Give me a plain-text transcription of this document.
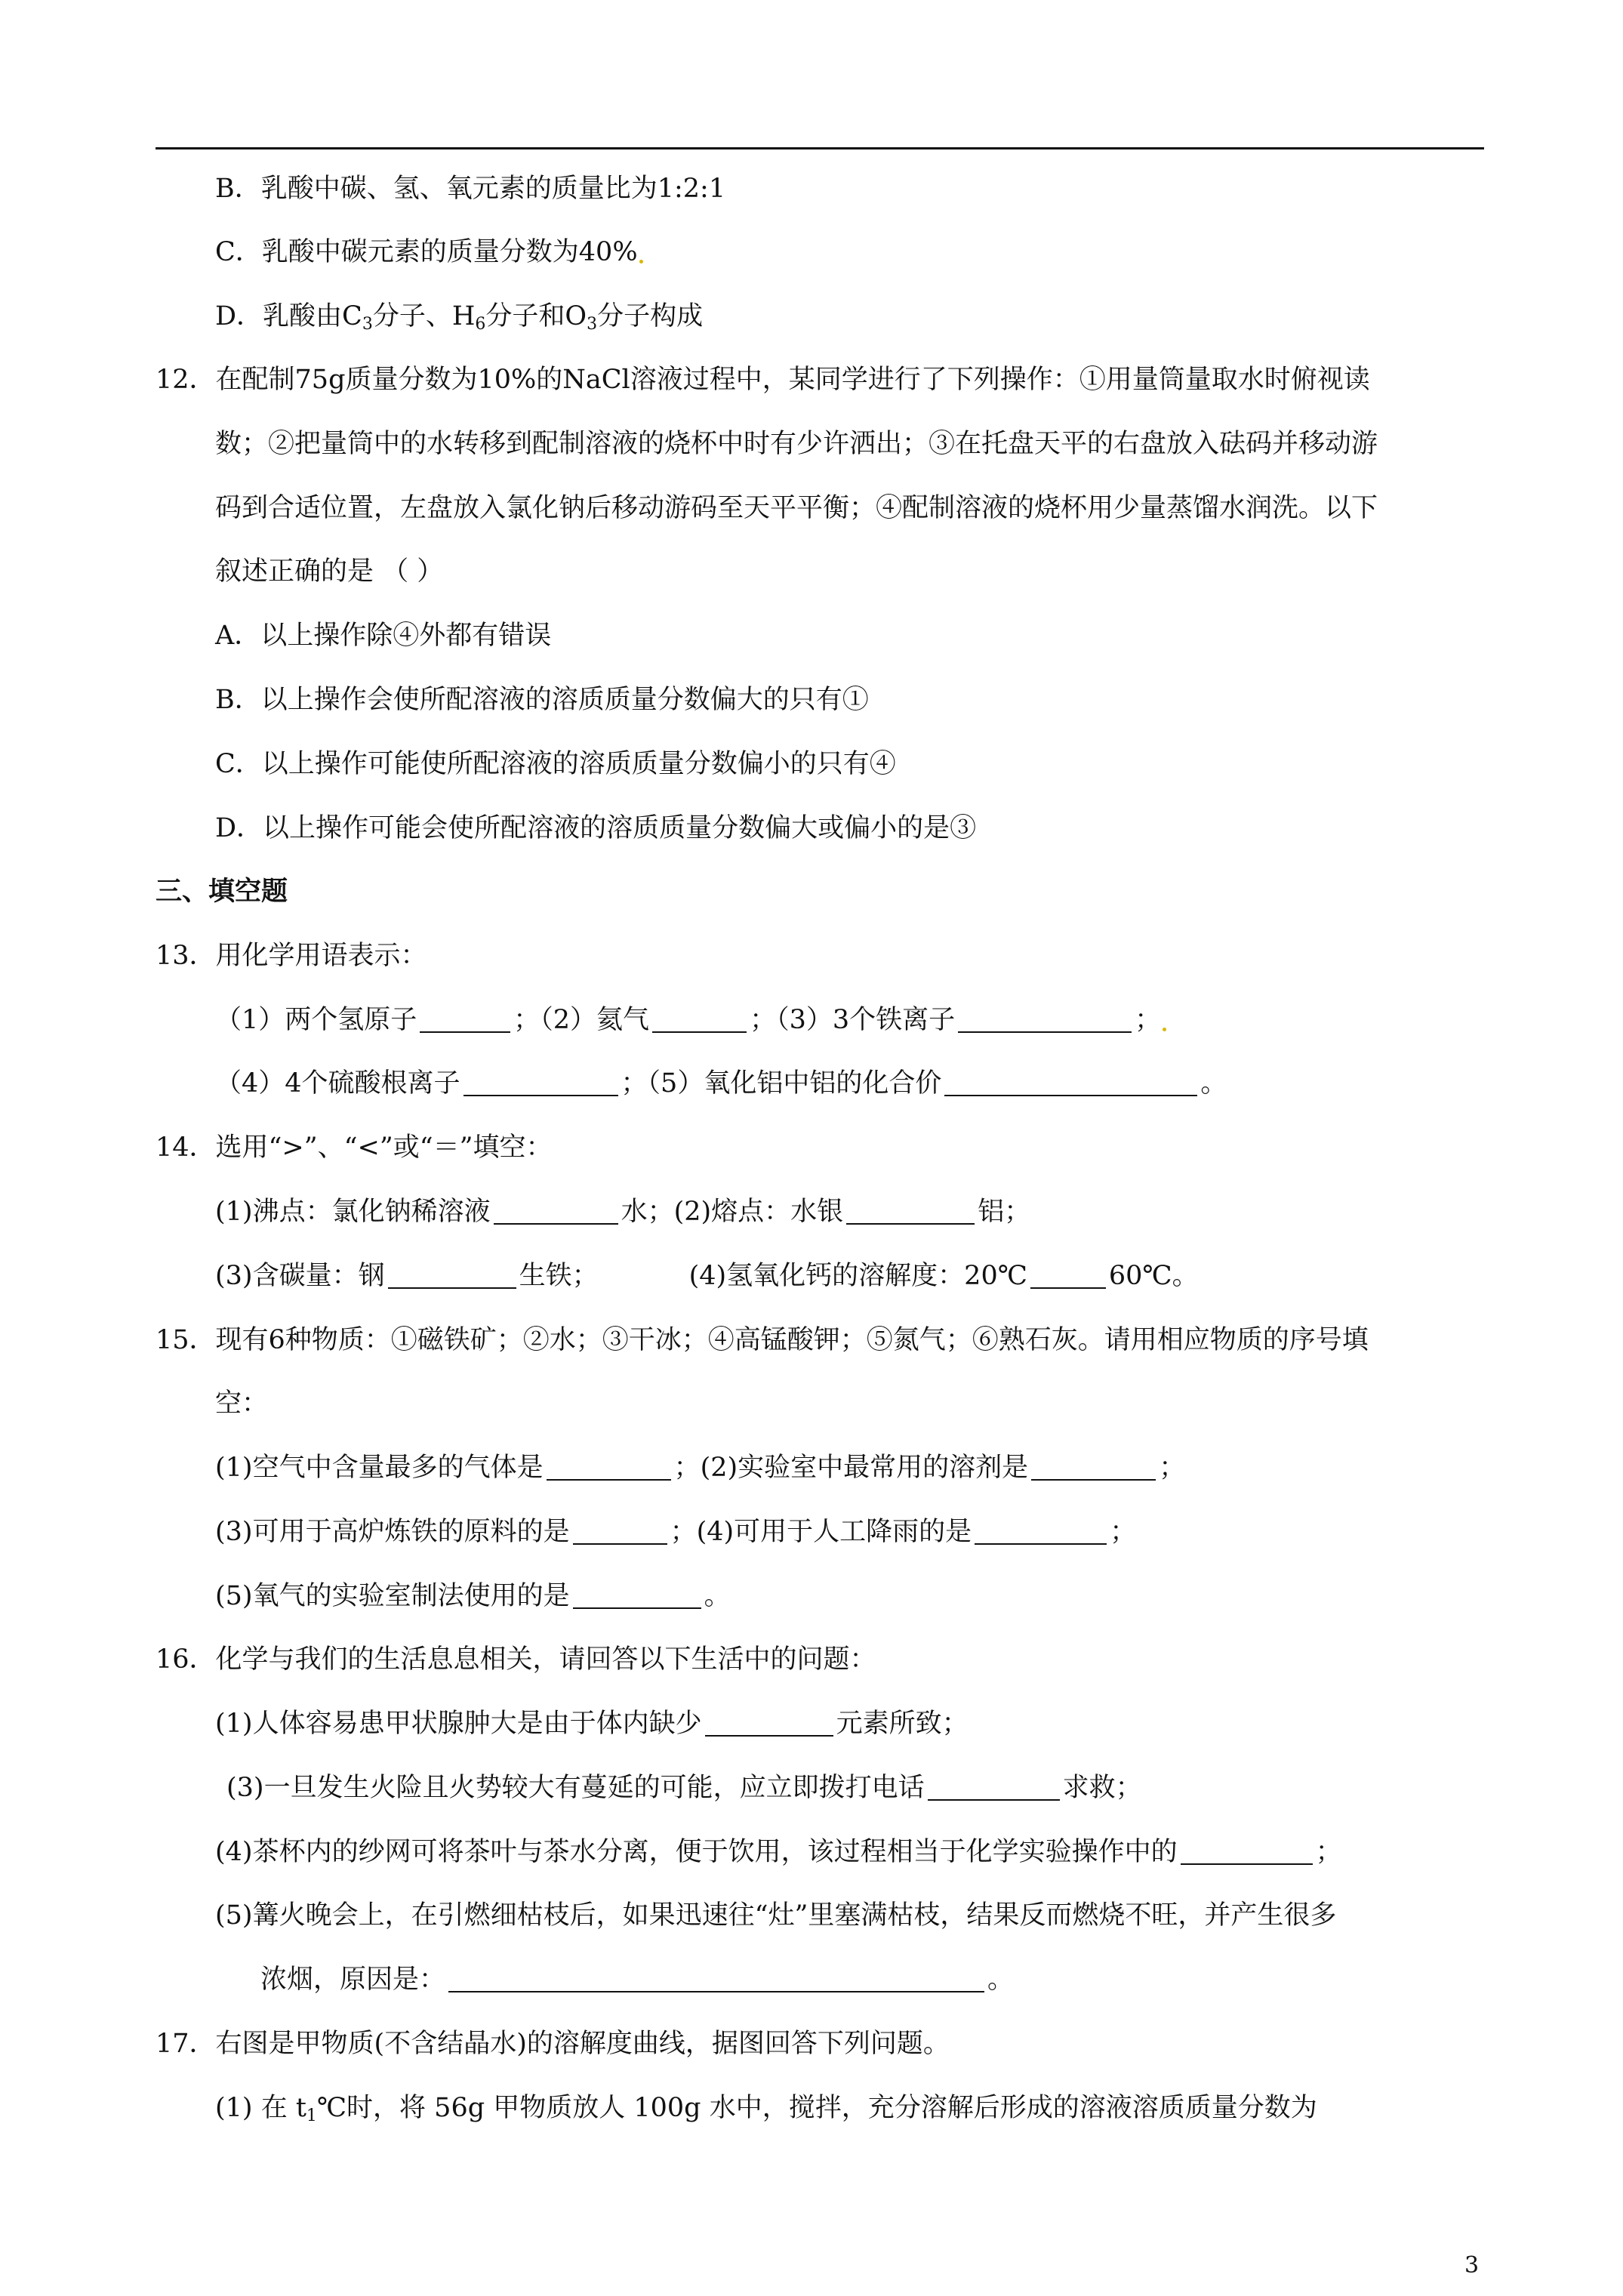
B．乳酸中碳、氢、氧元素的质量比为1:2:1
C．乳酸中碳元素的质量分数为40%
D．乳酸由$C_3$分子、$H_6$分子和$O_3$分子构成
12．在配制75g质量分数为10%的NaCl溶液过程中，某同学进行了下列操作：①用量筒量取水时俯视读
数；②把量筒中的水转移到配制溶液的烧杯中时有少许洒出；③在托盘天平的右盘放入砝码并移动游
码到合适位置，左盘放入氯化钠后移动游码至天平平衡；④配制溶液的烧杯用少量蒸馏水润洗。以下
叙述正确的是 （ ）
A．以上操作除④外都有错误
B．以上操作会使所配溶液的溶质质量分数偏大的只有①
C．以上操作可能使所配溶液的溶质质量分数偏小的只有④
D．以上操作可能会使所配溶液的溶质质量分数偏大或偏小的是③
三、填空题
13．用化学用语表示：
（1）两个氢原子	；（2）氦气	；（3）3个铁离子	；
（4）4个硫酸根离子	；（5）氧化铝中铝的化合价	。
14．选用“>”、“<”或“＝”填空：
(1)沸点：氯化钠稀溶液	水；(2)熔点：水银	铝；
(3)含碳量：钢	生铁；	(4)氢氧化钙的溶解度：20℃	60℃。
15．现有6种物质：①磁铁矿；②水；③干冰；④高锰酸钾；⑤氮气；⑥熟石灰。请用相应物质的序号填
空：
(1)空气中含量最多的气体是	；(2)实验室中最常用的溶剂是	；
(3)可用于高炉炼铁的原料的是	；(4)可用于人工降雨的是	；
(5)氧气的实验室制法使用的是	。
16．化学与我们的生活息息相关，请回答以下生活中的问题：
(1)人体容易患甲状腺肿大是由于体内缺少	元素所致；
(3)一旦发生火险且火势较大有蔓延的可能，应立即拨打电话	求救；
(4)茶杯内的纱网可将茶叶与茶水分离，便于饮用，该过程相当于化学实验操作中的	；
(5)篝火晚会上，在引燃细枯枝后，如果迅速往“灶”里塞满枯枝，结果反而燃烧不旺，并产生很多
浓烟，原因是：	。
17．右图是甲物质(不含结晶水)的溶解度曲线，据图回答下列问题。
(1) 在 $t_1℃$时，将 56g 甲物质放人 100g 水中，搅拌，充分溶解后形成的溶液溶质质量分数为
3
